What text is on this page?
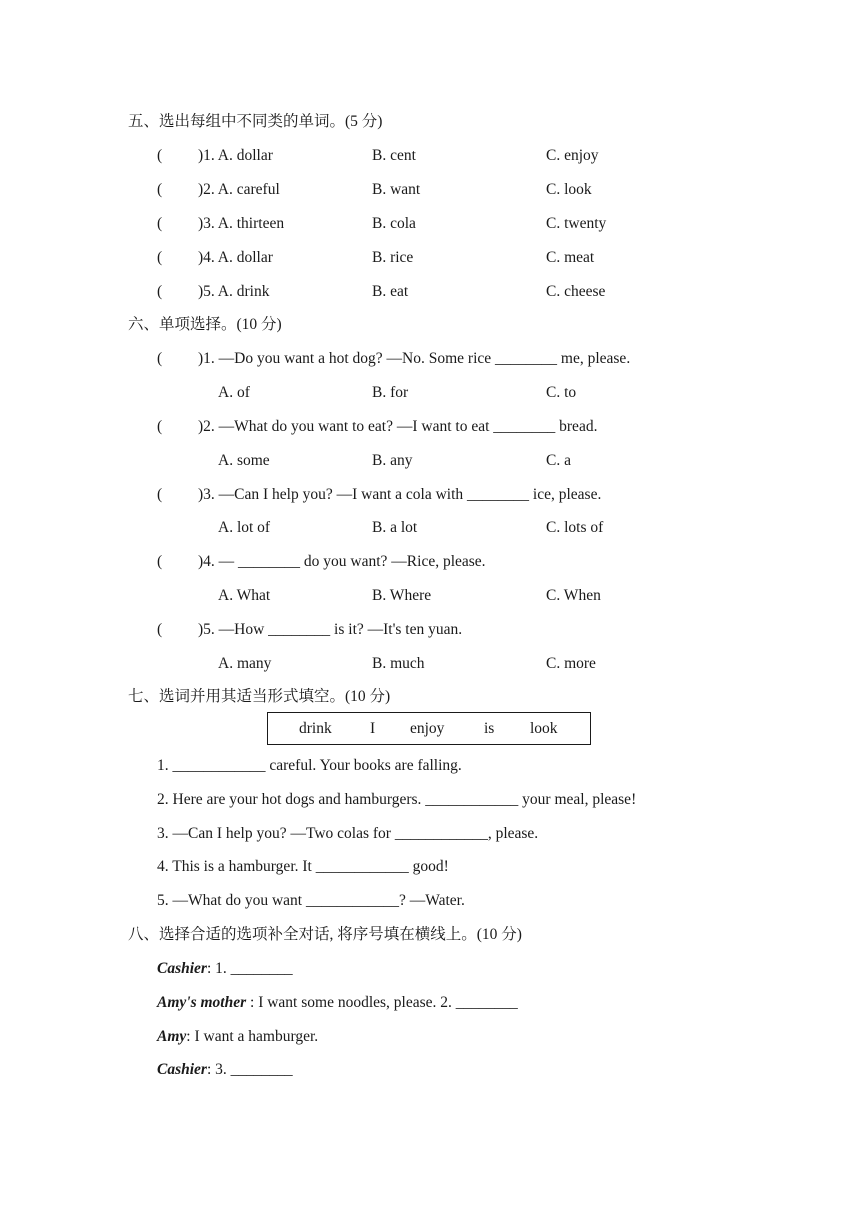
五、选出每组中不同类的单词。(5 分)
( )1. A. dollar	B. cent	C. enjoy
( )2. A. careful	B. want	C. look
( )3. A. thirteen	B. cola	C. twenty
( )4. A. dollar	B. rice	C. meat
( )5. A. drink	B. eat	C. cheese
六、单项选择。(10 分)
( )1. —Do you want a hot dog? —No. Some rice ________ me, please.
A. of	B. for	C. to
( )2. —What do you want to eat? —I want to eat ________ bread.
A. some	B. any	C. a
( )3. —Can I help you? —I want a cola with ________ ice, please.
A. lot of	B. a lot	C. lots of
( )4. — ________ do you want? —Rice, please.
A. What	B. Where	C. When
( )5. —How ________ is it? —It's ten yuan.
A. many	B. much	C. more
七、选词并用其适当形式填空。(10 分)
drink I enjoy	is look
1. ____________ careful. Your books are falling.
2. Here are your hot dogs and hamburgers. ____________ your meal, please!
3. —Can I help you? —Two colas for ____________, please.
4. This is a hamburger. It ____________ good!
5. —What do you want ____________? —Water.
八、选择合适的选项补全对话, 将序号填在横线上。(10 分)
Cashier: 1. ________
Amy's mother : I want some noodles, please. 2. ________
Amy: I want a hamburger.
Cashier: 3. ________
